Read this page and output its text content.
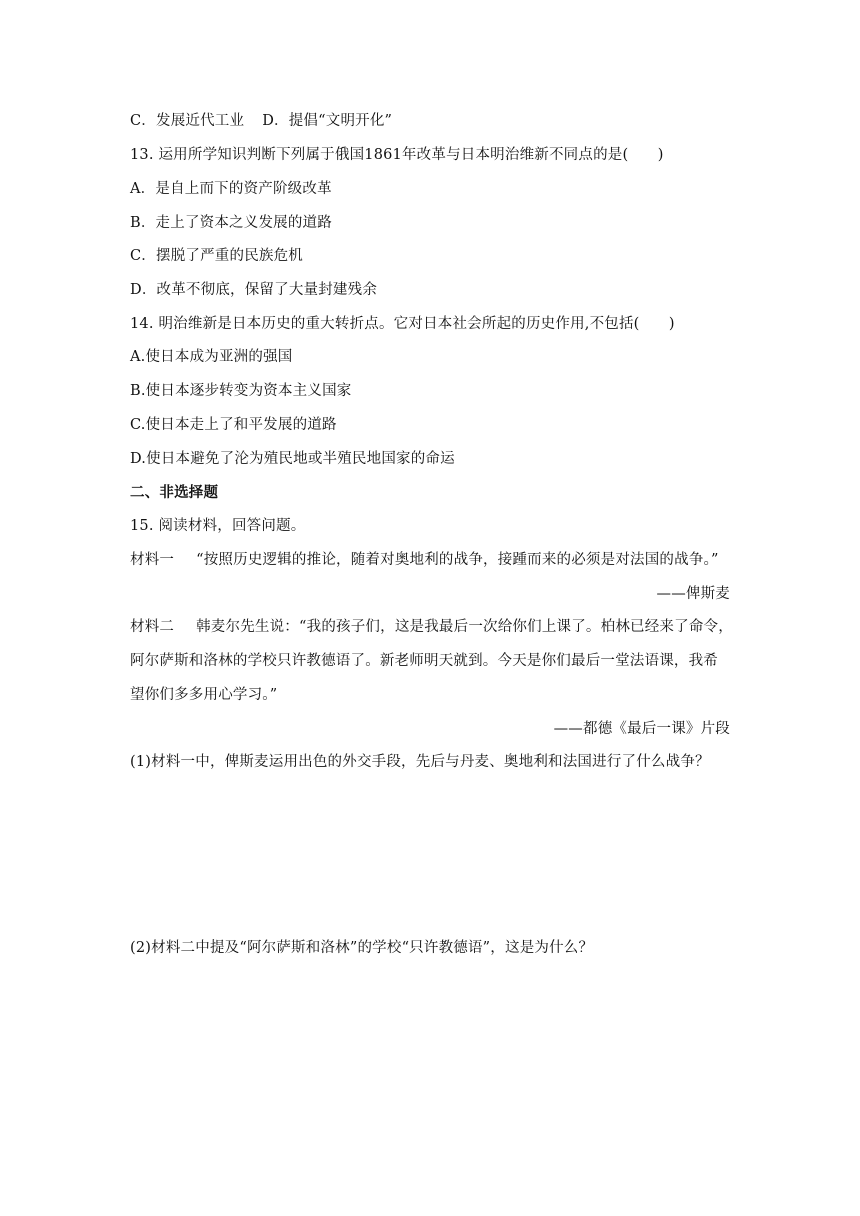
C．发展近代工业 D．提倡“文明开化”
13. 运用所学知识判断下列属于俄国1861年改革与日本明治维新不同点的是(　　)
A．是自上而下的资产阶级改革
B．走上了资本之义发展的道路
C．摆脱了严重的民族危机
D．改革不彻底，保留了大量封建残余
14. 明治维新是日本历史的重大转折点。它对日本社会所起的历史作用,不包括(　　)
A.使日本成为亚洲的强国
B.使日本逐步转变为资本主义国家
C.使日本走上了和平发展的道路
D.使日本避免了沦为殖民地或半殖民地国家的命运
二、非选择题
15. 阅读材料，回答问题。
材料一 “按照历史逻辑的推论，随着对奥地利的战争，接踵而来的必须是对法国的战争。”
——俾斯麦
材料二 韩麦尔先生说：“我的孩子们，这是我最后一次给你们上课了。柏林已经来了命令，
阿尔萨斯和洛林的学校只许教德语了。新老师明天就到。今天是你们最后一堂法语课，我希
望你们多多用心学习。”
——都德《最后一课》片段
(1)材料一中，俾斯麦运用出色的外交手段，先后与丹麦、奥地利和法国进行了什么战争？
(2)材料二中提及“阿尔萨斯和洛林”的学校“只许教德语”，这是为什么？
